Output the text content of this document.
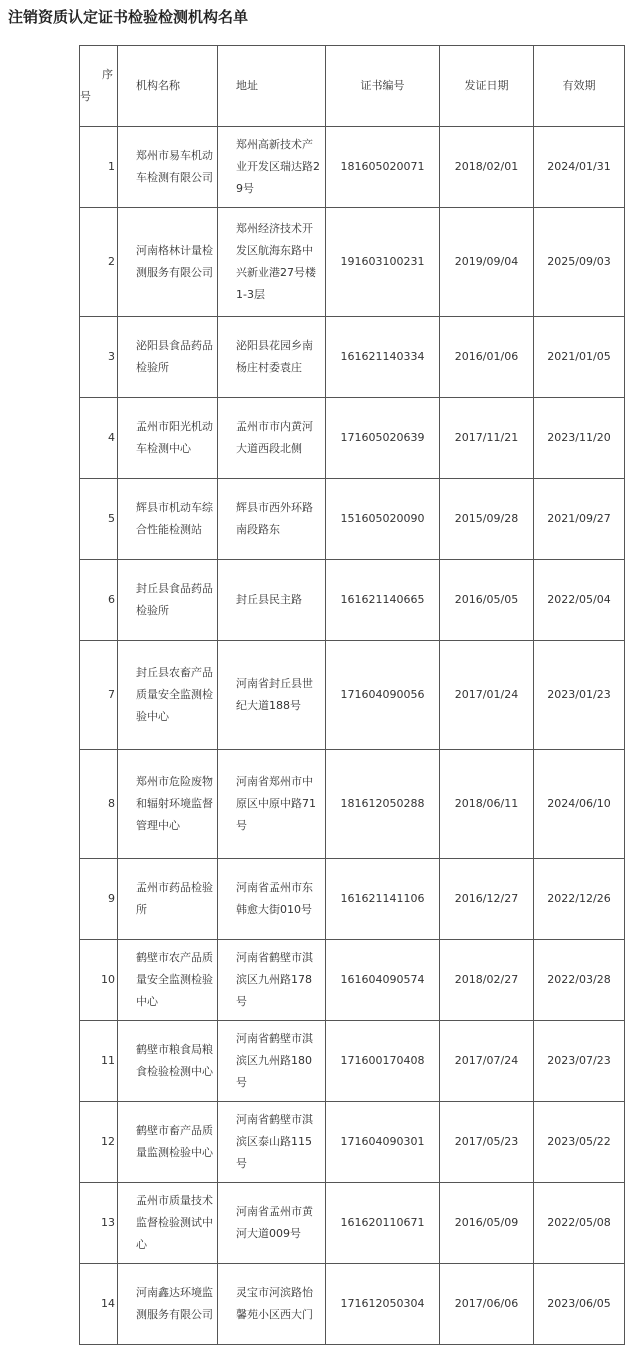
注销资质认定证书检验检测机构名单
序
号	机构名称	地址	证书编号	发证日期	有效期
1	郑州市易车机动车检测有限公司	郑州高新技术产业开发区瑞达路29号	181605020071	2018/02/01	2024/01/31
2	河南格林计量检测服务有限公司	郑州经济技术开发区航海东路中兴新业港27号楼1-3层	191603100231	2019/09/04	2025/09/03
3	泌阳县食品药品检验所	泌阳县花园乡南杨庄村委袁庄	161621140334	2016/01/06	2021/01/05
4	孟州市阳光机动车检测中心	孟州市市内黄河大道西段北侧	171605020639	2017/11/21	2023/11/20
5	辉县市机动车综合性能检测站	辉县市西外环路南段路东	151605020090	2015/09/28	2021/09/27
6	封丘县食品药品检验所	封丘县民主路	161621140665	2016/05/05	2022/05/04
7	封丘县农畜产品质量安全监测检验中心	河南省封丘县世纪大道188号	171604090056	2017/01/24	2023/01/23
8	郑州市危险废物和辐射环境监督管理中心	河南省郑州市中原区中原中路71号	181612050288	2018/06/11	2024/06/10
9	孟州市药品检验所	河南省孟州市东韩愈大街010号	161621141106	2016/12/27	2022/12/26
10	鹤壁市农产品质量安全监测检验中心	河南省鹤壁市淇滨区九州路178号	161604090574	2018/02/27	2022/03/28
11	鹤壁市粮食局粮食检验检测中心	河南省鹤壁市淇滨区九州路180号	171600170408	2017/07/24	2023/07/23
12	鹤壁市畜产品质量监测检验中心	河南省鹤壁市淇滨区泰山路115号	171604090301	2017/05/23	2023/05/22
13	孟州市质量技术监督检验测试中心	河南省孟州市黄河大道009号	161620110671	2016/05/09	2022/05/08
14	河南鑫达环境监测服务有限公司	灵宝市河滨路怡馨苑小区西大门	171612050304	2017/06/06	2023/06/05
